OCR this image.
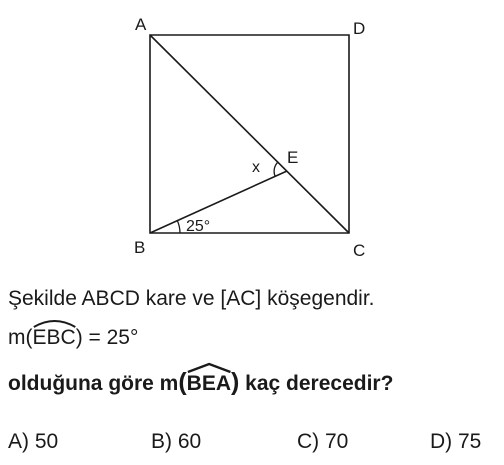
A	D
B	C
E
25°
x
Şekilde ABCD kare ve [AC] köşegendir.
m(
EBC) = 25°
olduğuna göre m(
BEA) kaç derecedir?
A) 50	B) 60	C) 70	D) 75
